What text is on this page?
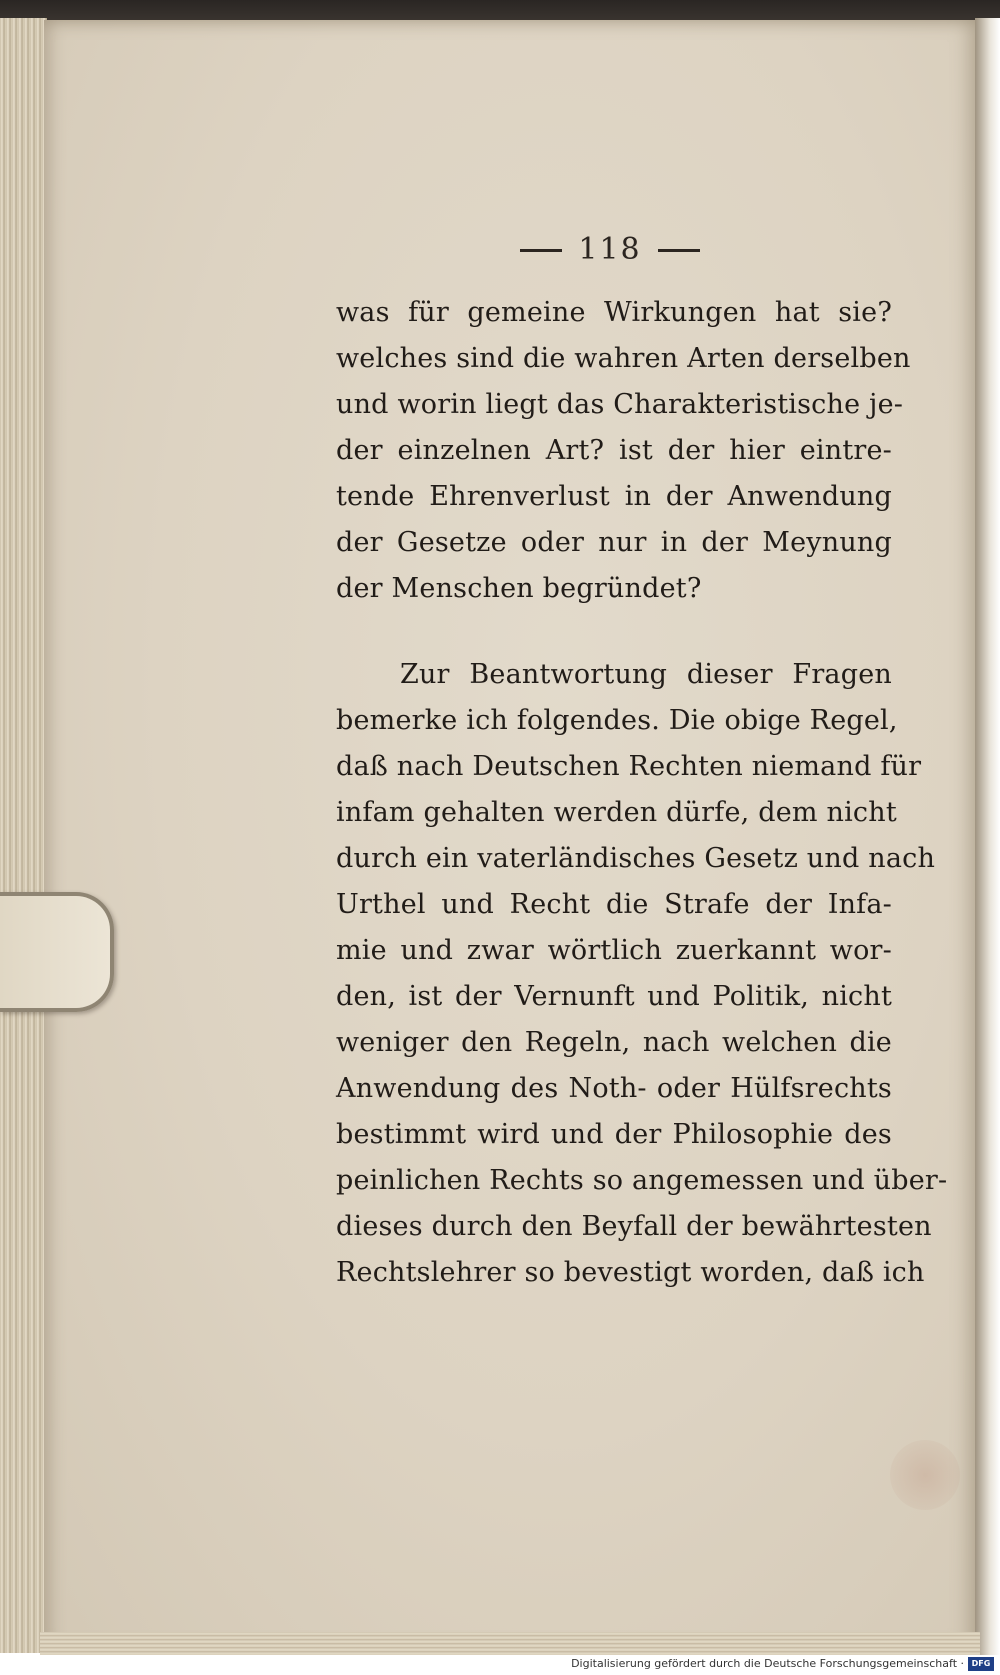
118
was für gemeine Wirkungen hat sie?
welches sind die wahren Arten derselben
und worin liegt das Charakteristische je-
der einzelnen Art? ist der hier eintre-
tende Ehrenverlust in der Anwendung
der Gesetze oder nur in der Meynung
der Menschen begründet?
Zur Beantwortung dieser Fragen
bemerke ich folgendes. Die obige Regel,
daß nach Deutschen Rechten niemand für
infam gehalten werden dürfe, dem nicht
durch ein vaterländisches Gesetz und nach
Urthel und Recht die Strafe der Infa-
mie und zwar wörtlich zuerkannt wor-
den, ist der Vernunft und Politik, nicht
weniger den Regeln, nach welchen die
Anwendung des Noth- oder Hülfsrechts
bestimmt wird und der Philosophie des
peinlichen Rechts so angemessen und über-
dieses durch den Beyfall der bewährtesten
Rechtslehrer so bevestigt worden, daß ich
Digitalisierung gefördert durch die Deutsche Forschungsgemeinschaft · DFG
